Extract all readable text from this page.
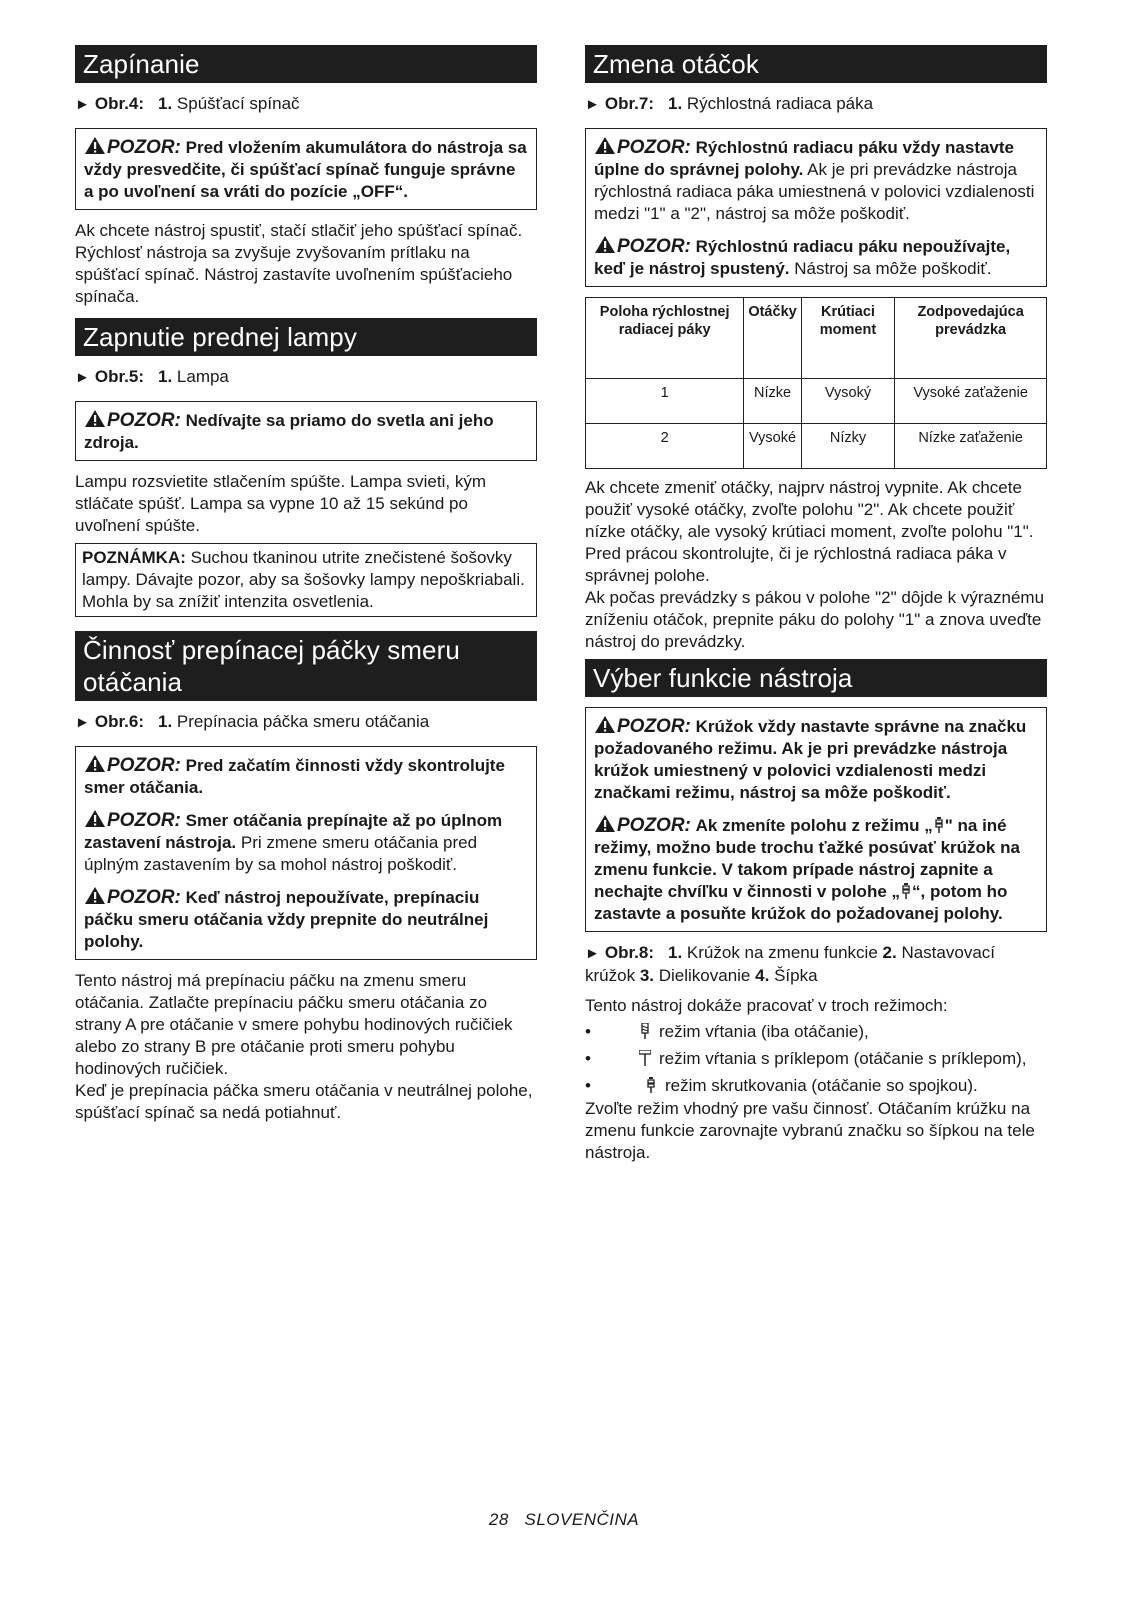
Zapínanie
► Obr.4: 1. Spúšťací spínač

POZOR: Pred vložením akumulátora do nástroja sa vždy presvedčite, či spúšťací spínač funguje správne a po uvoľnení sa vráti do pozície „OFF“.

Ak chcete nástroj spustiť, stačí stlačiť jeho spúšťací spínač. Rýchlosť nástroja sa zvyšuje zvyšovaním prítlaku na spúšťací spínač. Nástroj zastavíte uvoľnením spúšťacieho spínača.

Zapnutie prednej lampy
► Obr.5: 1. Lampa

POZOR: Nedívajte sa priamo do svetla ani jeho zdroja.

Lampu rozsvietite stlačením spúšte. Lampa svieti, kým stláčate spúšť. Lampa sa vypne 10 až 15 sekúnd po uvoľnení spúšte.

POZNÁMKA: Suchou tkaninou utrite znečistené šošovky lampy. Dávajte pozor, aby sa šošovky lampy nepoškriabali. Mohla by sa znížiť intenzita osvetlenia.
Činnosť prepínacej páčky smeru otáčania
► Obr.6: 1. Prepínacia páčka smeru otáčania

POZOR: Pred začatím činnosti vždy skontrolujte smer otáčania.

POZOR: Smer otáčania prepínajte až po úplnom zastavení nástroja. Pri zmene smeru otáčania pred úplným zastavením by sa mohol nástroj poškodiť.

POZOR: Keď nástroj nepoužívate, prepínaciu páčku smeru otáčania vždy prepnite do neutrálnej polohy.

Tento nástroj má prepínaciu páčku na zmenu smeru otáčania. Zatlačte prepínaciu páčku smeru otáčania zo strany A pre otáčanie v smere pohybu hodinových ručičiek alebo zo strany B pre otáčanie proti smeru pohybu hodinových ručičiek.

Keď je prepínacia páčka smeru otáčania v neutrálnej polohe, spúšťací spínač sa nedá potiahnuť.

Zmena otáčok
► Obr.7: 1. Rýchlostná radiaca páka

POZOR: Rýchlostnú radiacu páku vždy nastavte úplne do správnej polohy. Ak je pri prevádzke nástroja rýchlostná radiaca páka umiestnená v polovici vzdialenosti medzi "1" a "2", nástroj sa môže poškodiť.

POZOR: Rýchlostnú radiacu páku nepoužívajte, keď je nástroj spustený. Nástroj sa môže poškodiť.

Poloha rýchlostnej radiacej páky	Otáčky	Krútiaci moment	Zodpovedajúca prevádzka
1	Nízke	Vysoký	Vysoké zaťaženie
2	Vysoké	Nízky	Nízke zaťaženie

Ak chcete zmeniť otáčky, najprv nástroj vypnite. Ak chcete použiť vysoké otáčky, zvoľte polohu "2". Ak chcete použiť nízke otáčky, ale vysoký krútiaci moment, zvoľte polohu "1". Pred prácou skontrolujte, či je rýchlostná radiaca páka v správnej polohe.

Ak počas prevádzky s pákou v polohe "2" dôjde k výraznému zníženiu otáčok, prepnite páku do polohy "1" a znova uveďte nástroj do prevádzky.

Výber funkcie nástroja

POZOR: Krúžok vždy nastavte správne na značku požadovaného režimu. Ak je pri prevádzke nástroja krúžok umiestnený v polovici vzdialenosti medzi značkami režimu, nástroj sa môže poškodiť.

POZOR: Ak zmeníte polohu z režimu „ " na iné režimy, možno bude trochu ťažké posúvať krúžok na zmenu funkcie. V takom prípade nástroj zapnite a nechajte chvíľku v činnosti v polohe „ “, potom ho zastavte a posuňte krúžok do požadovanej polohy.

► Obr.8: 1. Krúžok na zmenu funkcie 2. Nastavovací krúžok 3. Dielikovanie 4. Šípka

Tento nástroj dokáže pracovať v troch režimoch:

•	režim vŕtania (iba otáčanie),
•	režim vŕtania s príklepom (otáčanie s príklepom),
•	režim skrutkovania (otáčanie so spojkou).

Zvoľte režim vhodný pre vašu činnosť. Otáčaním krúžku na zmenu funkcie zarovnajte vybranú značku so šípkou na tele nástroja.

28 SLOVENČINA
